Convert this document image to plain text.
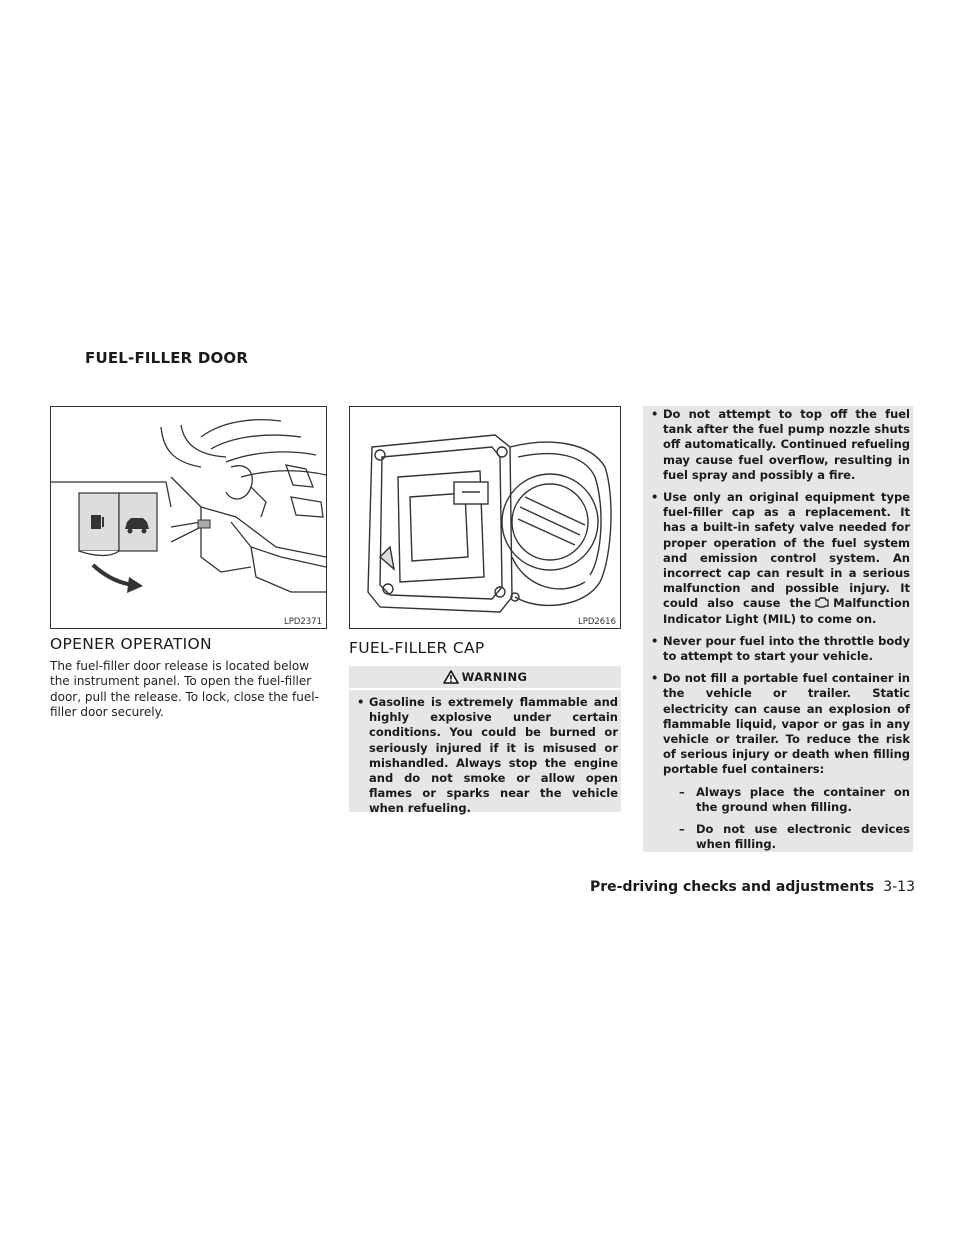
FUEL-FILLER DOOR
LPD2371	LPD2616
OPENER OPERATION

The fuel-filler door release is located below the instrument panel. To open the fuel-filler door, pull the release. To lock, close the fuel-filler door securely.

FUEL-FILLER CAP
WARNING
• Gasoline is extremely flammable and highly explosive under certain conditions. You could be burned or seriously injured if it is misused or mishandled. Always stop the engine and do not smoke or allow open flames or sparks near the vehicle when refueling.
• Do not attempt to top off the fuel tank after the fuel pump nozzle shuts off automatically. Continued refueling may cause fuel overflow, resulting in fuel spray and possibly a fire.
• Use only an original equipment type fuel-filler cap as a replacement. It has a built-in safety valve needed for proper operation of the fuel system and emission control system. An incorrect cap can result in a serious malfunction and possible injury. It could also cause the Malfunction Indicator Light (MIL) to come on.
• Never pour fuel into the throttle body to attempt to start your vehicle.
• Do not fill a portable fuel container in the vehicle or trailer. Static electricity can cause an explosion of flammable liquid, vapor or gas in any vehicle or trailer. To reduce the risk of serious injury or death when filling portable fuel containers:
– Always place the container on the ground when filling.
– Do not use electronic devices when filling.
Pre-driving checks and adjustments 3-13
